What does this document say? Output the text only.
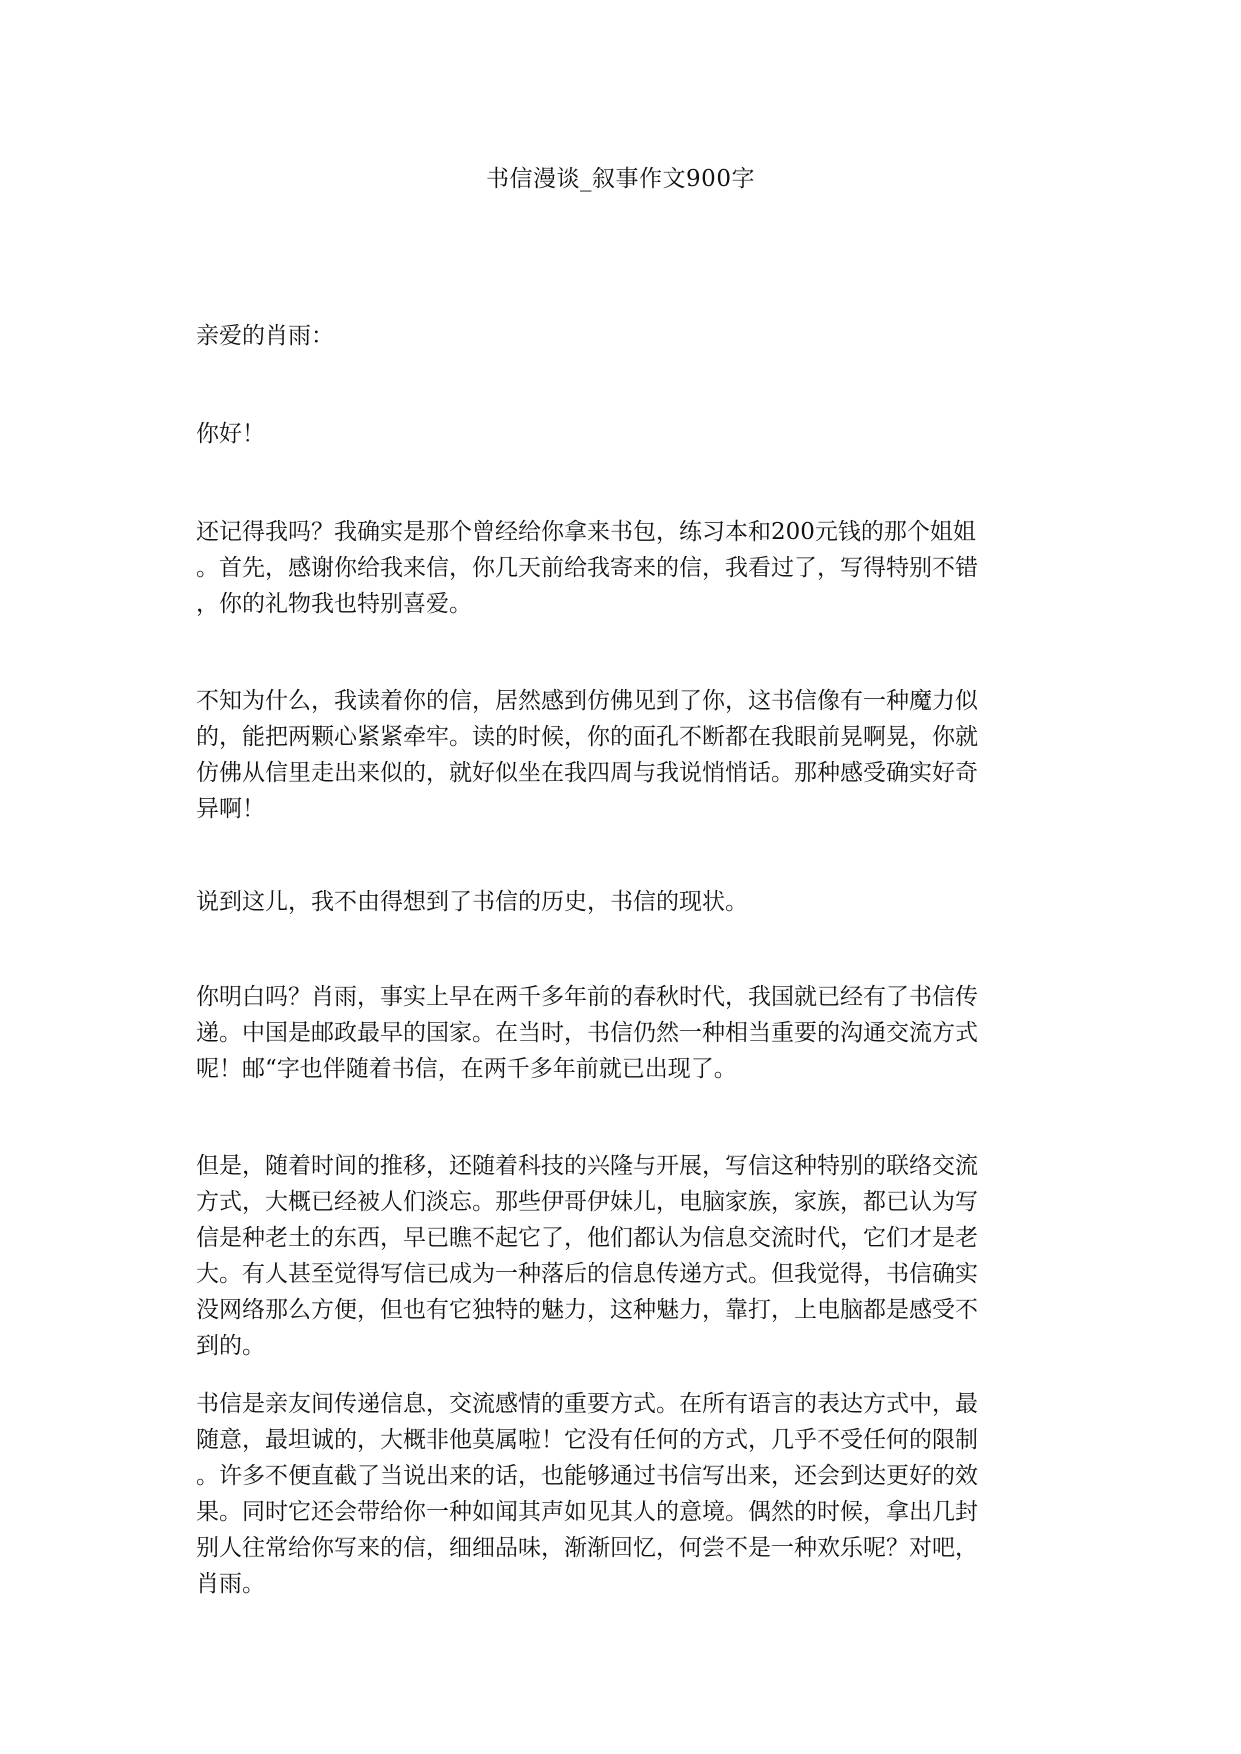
书信漫谈_叙事作文900字

亲爱的肖雨：

你好！

还记得我吗？我确实是那个曾经给你拿来书包，练习本和200元钱的那个姐姐
。首先，感谢你给我来信，你几天前给我寄来的信，我看过了，写得特别不错
，你的礼物我也特别喜爱。

不知为什么，我读着你的信，居然感到仿佛见到了你，这书信像有一种魔力似
的，能把两颗心紧紧牵牢。读的时候，你的面孔不断都在我眼前晃啊晃，你就
仿佛从信里走出来似的，就好似坐在我四周与我说悄悄话。那种感受确实好奇
异啊！

说到这儿，我不由得想到了书信的历史，书信的现状。

你明白吗？肖雨，事实上早在两千多年前的春秋时代，我国就已经有了书信传
递。中国是邮政最早的国家。在当时，书信仍然一种相当重要的沟通交流方式
呢！邮“字也伴随着书信，在两千多年前就已出现了。

但是，随着时间的推移，还随着科技的兴隆与开展，写信这种特别的联络交流
方式，大概已经被人们淡忘。那些伊哥伊妹儿，电脑家族，家族，都已认为写
信是种老土的东西，早已瞧不起它了，他们都认为信息交流时代，它们才是老
大。有人甚至觉得写信已成为一种落后的信息传递方式。但我觉得，书信确实
没网络那么方便，但也有它独特的魅力，这种魅力，靠打，上电脑都是感受不
到的。

书信是亲友间传递信息，交流感情的重要方式。在所有语言的表达方式中，最
随意，最坦诚的，大概非他莫属啦！它没有任何的方式，几乎不受任何的限制
。许多不便直截了当说出来的话，也能够通过书信写出来，还会到达更好的效
果。同时它还会带给你一种如闻其声如见其人的意境。偶然的时候，拿出几封
别人往常给你写来的信，细细品味，渐渐回忆，何尝不是一种欢乐呢？对吧，
肖雨。
